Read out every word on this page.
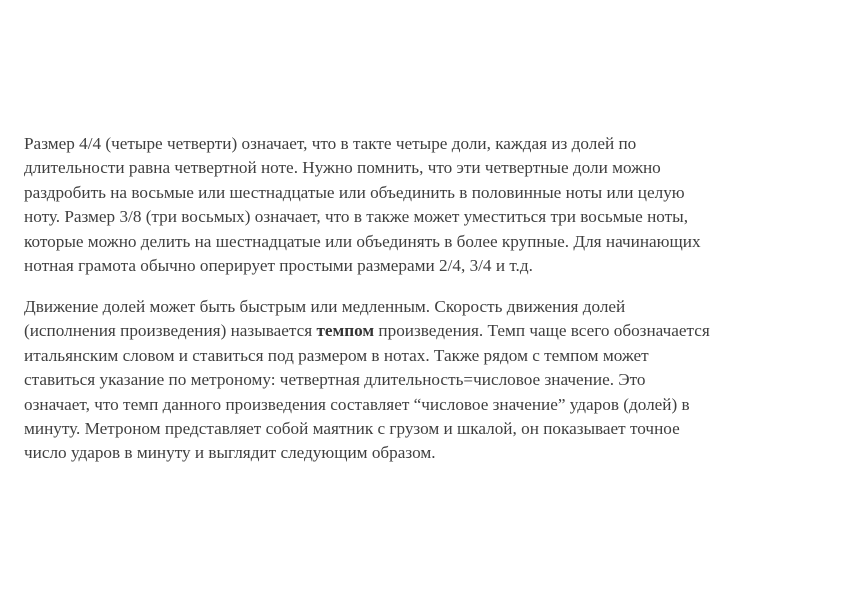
Размер 4/4 (четыре четверти) означает, что в такте четыре доли, каждая из долей по
длительности равна четвертной ноте. Нужно помнить, что эти четвертные доли можно
раздробить на восьмые или шестнадцатые или объединить в половинные ноты или целую
ноту. Размер 3/8 (три восьмых) означает, что в также может уместиться три восьмые ноты,
которые можно делить на шестнадцатые или объединять в более крупные. Для начинающих
нотная грамота обычно оперирует простыми размерами 2/4, 3/4 и т.д.
Движение долей может быть быстрым или медленным. Скорость движения долей
(исполнения произведения) называется темпом произведения. Темп чаще всего обозначается
итальянским словом и ставиться под размером в нотах. Также рядом с темпом может
ставиться указание по метроному: четвертная длительность=числовое значение. Это
означает, что темп данного произведения составляет “числовое значение” ударов (долей) в
минуту. Метроном представляет собой маятник с грузом и шкалой, он показывает точное
число ударов в минуту и выглядит следующим образом.
